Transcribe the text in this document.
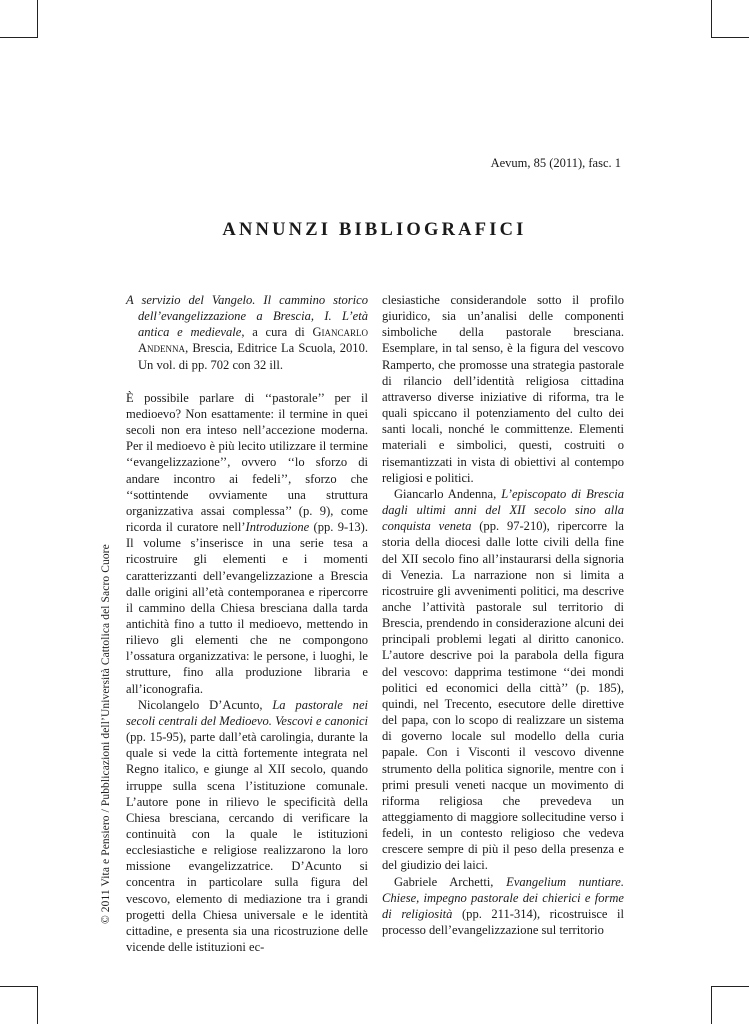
Aevum, 85 (2011), fasc. 1
ANNUNZI BIBLIOGRAFICI
© 2011 Vita e Pensiero / Pubblicazioni dell’Università Cattolica del Sacro Cuore

A servizio del Vangelo. Il cammino storico dell’evangelizzazione a Brescia, I. L’età antica e medievale, a cura di Giancarlo Andenna, Brescia, Editrice La Scuola, 2010. Un vol. di pp. 702 con 32 ill.

È possibile parlare di ‘‘pastorale’’ per il medioevo? Non esattamente: il termine in quei secoli non era inteso nell’accezione moderna. Per il medioevo è più lecito utilizzare il termine ‘‘evangelizzazione’’, ovvero ‘‘lo sforzo di andare incontro ai fedeli’’, sforzo che ‘‘sottintende ovviamente una struttura organizzativa assai complessa’’ (p. 9), come ricorda il curatore nell’Introduzione (pp. 9-13). Il volume s’inserisce in una serie tesa a ricostruire gli elementi e i momenti caratterizzanti dell’evangelizzazione a Brescia dalle origini all’età contemporanea e ripercorre il cammino della Chiesa bresciana dalla tarda antichità fino a tutto il medioevo, mettendo in rilievo gli elementi che ne compongono l’ossatura organizzativa: le persone, i luoghi, le strutture, fino alla produzione libraria e all’iconografia.

Nicolangelo D’Acunto, La pastorale nei secoli centrali del Medioevo. Vescovi e canonici (pp. 15-95), parte dall’età carolingia, durante la quale si vede la città fortemente integrata nel Regno italico, e giunge al XII secolo, quando irruppe sulla scena l’istituzione comunale. L’autore pone in rilievo le specificità della Chiesa bresciana, cercando di verificare la continuità con la quale le istituzioni ecclesiastiche e religiose realizzarono la loro missione evangelizzatrice. D’Acunto si concentra in particolare sulla figura del vescovo, elemento di mediazione tra i grandi progetti della Chiesa universale e le identità cittadine, e presenta sia una ricostruzione delle vicende delle istituzioni ec-

clesiastiche considerandole sotto il profilo giuridico, sia un’analisi delle componenti simboliche della pastorale bresciana. Esemplare, in tal senso, è la figura del vescovo Ramperto, che promosse una strategia pastorale di rilancio dell’identità religiosa cittadina attraverso diverse iniziative di riforma, tra le quali spiccano il potenziamento del culto dei santi locali, nonché le committenze. Elementi materiali e simbolici, questi, costruiti o risemantizzati in vista di obiettivi al contempo religiosi e politici.

Giancarlo Andenna, L’episcopato di Brescia dagli ultimi anni del XII secolo sino alla conquista veneta (pp. 97-210), ripercorre la storia della diocesi dalle lotte civili della fine del XII secolo fino all’instaurarsi della signoria di Venezia. La narrazione non si limita a ricostruire gli avvenimenti politici, ma descrive anche l’attività pastorale sul territorio di Brescia, prendendo in considerazione alcuni dei principali problemi legati al diritto canonico. L’autore descrive poi la parabola della figura del vescovo: dapprima testimone ‘‘dei mondi politici ed economici della città’’ (p. 185), quindi, nel Trecento, esecutore delle direttive del papa, con lo scopo di realizzare un sistema di governo locale sul modello della curia papale. Con i Visconti il vescovo divenne strumento della politica signorile, mentre con i primi presuli veneti nacque un movimento di riforma religiosa che prevedeva un atteggiamento di maggiore sollecitudine verso i fedeli, in un contesto religioso che vedeva crescere sempre di più il peso della presenza e del giudizio dei laici.

Gabriele Archetti, Evangelium nuntiare. Chiese, impegno pastorale dei chierici e forme di religiosità (pp. 211-314), ricostruisce il processo dell’evangelizzazione sul territorio
